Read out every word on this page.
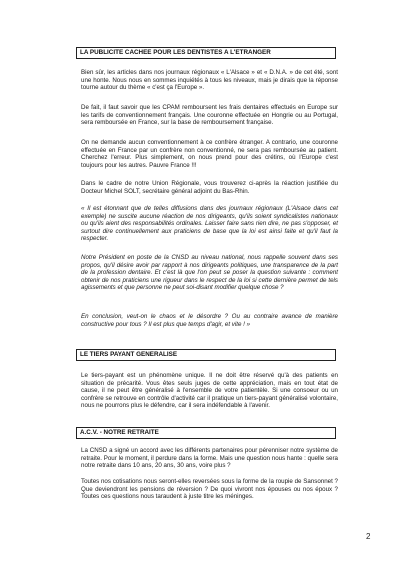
LA PUBLICITE CACHEE POUR LES DENTISTES A L'ETRANGER

Bien sûr, les articles dans nos journaux régionaux « L'Alsace » et « D.N.A. » de cet été, sont une honte. Nous nous en sommes inquiétés à tous les niveaux, mais je dirais que la réponse tourne autour du thème « c'est ça l'Europe ».

De fait, il faut savoir que les CPAM remboursent les frais dentaires effectués en Europe sur les tarifs de conventionnement français. Une couronne effectuée en Hongrie ou au Portugal, sera remboursée en France, sur la base de remboursement française.

On ne demande aucun conventionnement à ce confrère étranger. A contrario, une couronne effectuée en France par un confrère non conventionné, ne sera pas remboursée au patient. Cherchez l'erreur. Plus simplement, on nous prend pour des crétins, où l'Europe c'est toujours pour les autres. Pauvre France !!!

Dans le cadre de notre Union Régionale, vous trouverez ci-après la réaction justifiée du Docteur Michel SOLT, secrétaire général adjoint du Bas-Rhin.

« Il est étonnant que de telles diffusions dans des journaux régionaux (L'Alsace dans cet exemple) ne suscite aucune réaction de nos dirigeants, qu'ils soient syndicalistes nationaux ou qu'ils aient des responsabilités ordinales. Laisser faire sans rien dire, ne pas s'opposer, et surtout dire continuellement aux praticiens de base que la loi est ainsi faite et qu'il faut la respecter.

Notre Président en poste de la CNSD au niveau national, nous rappelle souvent dans ses propos, qu'il désire avoir par rapport à nos dirigeants politiques, une transparence de la part de la profession dentaire. Et c'est là que l'on peut se poser la question suivante : comment obtenir de nos praticiens une rigueur dans le respect de la loi si cette dernière permet de tels agissements et que personne ne peut soi-disant modifier quelque chose ?

En conclusion, veut-on le chaos et le désordre ? Ou au contraire avance de manière constructive pour tous ? Il est plus que temps d'agir, et vite ! »

LE TIERS PAYANT GENERALISE

Le tiers-payant est un phénomène unique. Il ne doit être réservé qu'à des patients en situation de précarité. Vous êtes seuls juges de cette appréciation, mais en tout état de cause, il ne peut être généralisé à l'ensemble de votre patientèle. Si une consoeur ou un confrère se retrouve en contrôle d'activité car il pratique un tiers-payant généralisé volontaire, nous ne pourrons plus le défendre, car il sera indéfendable à l'avenir.

A.C.V. - NOTRE RETRAITE

La CNSD a signé un accord avec les différents partenaires pour pérenniser notre système de retraite. Pour le moment, il perdure dans la forme. Mais une question nous hante : quelle sera notre retraite dans 10 ans, 20 ans, 30 ans, voire plus ?

Toutes nos cotisations nous seront-elles reversées sous la forme de la roupie de Sansonnet ? Que deviendront les pensions de réversion ? De quoi vivront nos épouses ou nos époux ? Toutes ces questions nous taraudent à juste titre les méninges.

2
